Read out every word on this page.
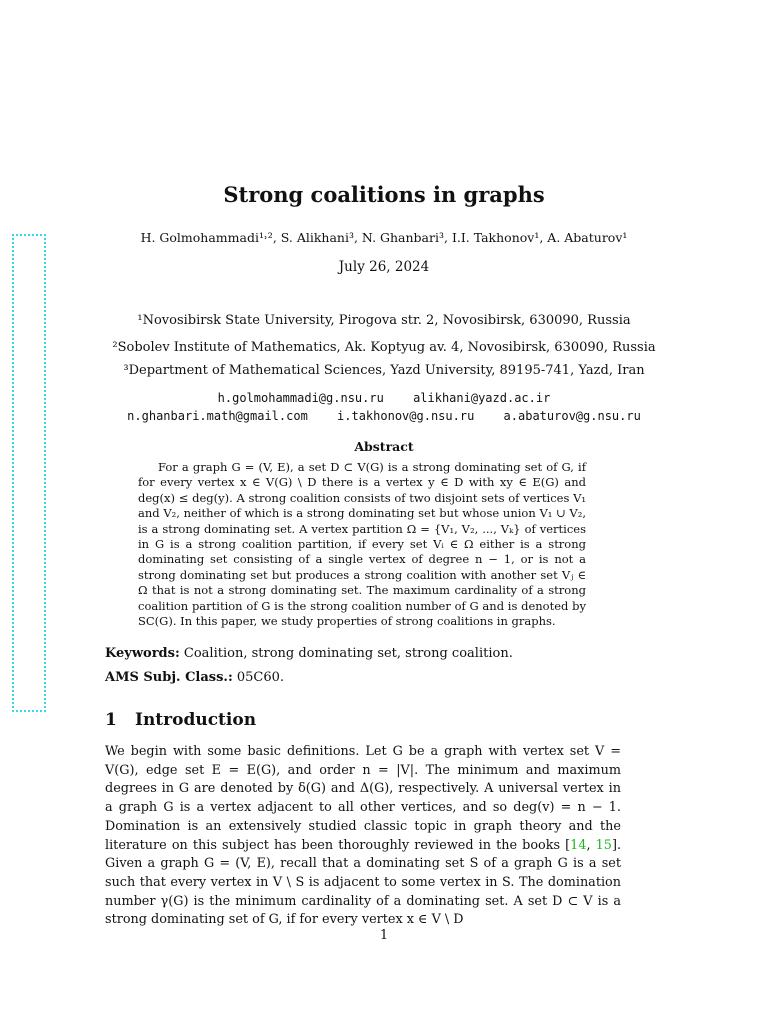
Strong coalitions in graphs
H. Golmohammadi¹˒², S. Alikhani³, N. Ghanbari³, I.I. Takhonov¹, A. Abaturov¹
July 26, 2024
¹Novosibirsk State University, Pirogova str. 2, Novosibirsk, 630090, Russia
²Sobolev Institute of Mathematics, Ak. Koptyug av. 4, Novosibirsk, 630090, Russia
³Department of Mathematical Sciences, Yazd University, 89195-741, Yazd, Iran
h.golmohammadi@g.nsu.ru alikhani@yazd.ac.ir
n.ghanbari.math@gmail.com i.takhonov@g.nsu.ru a.abaturov@g.nsu.ru
Abstract

For a graph G = (V, E), a set D ⊂ V(G) is a strong dominating set of G, if for every vertex x ∈ V(G) \ D there is a vertex y ∈ D with xy ∈ E(G) and deg(x) ≤ deg(y). A strong coalition consists of two disjoint sets of vertices V₁ and V₂, neither of which is a strong dominating set but whose union V₁ ∪ V₂, is a strong dominating set. A vertex partition Ω = {V₁, V₂, ..., Vₖ} of vertices in G is a strong coalition partition, if every set Vᵢ ∈ Ω either is a strong dominating set consisting of a single vertex of degree n − 1, or is not a strong dominating set but produces a strong coalition with another set Vⱼ ∈ Ω that is not a strong dominating set. The maximum cardinality of a strong coalition partition of G is the strong coalition number of G and is denoted by SC(G). In this paper, we study properties of strong coalitions in graphs.

Keywords: Coalition, strong dominating set, strong coalition.
AMS Subj. Class.: 05C60.
1 Introduction

We begin with some basic definitions. Let G be a graph with vertex set V = V(G), edge set E = E(G), and order n = |V|. The minimum and maximum degrees in G are denoted by δ(G) and Δ(G), respectively. A universal vertex in a graph G is a vertex adjacent to all other vertices, and so deg(v) = n − 1. Domination is an extensively studied classic topic in graph theory and the literature on this subject has been thoroughly reviewed in the books [14, 15]. Given a graph G = (V, E), recall that a dominating set S of a graph G is a set such that every vertex in V \ S is adjacent to some vertex in S. The domination number γ(G) is the minimum cardinality of a dominating set. A set D ⊂ V is a strong dominating set of G, if for every vertex x ∈ V \ D

1
